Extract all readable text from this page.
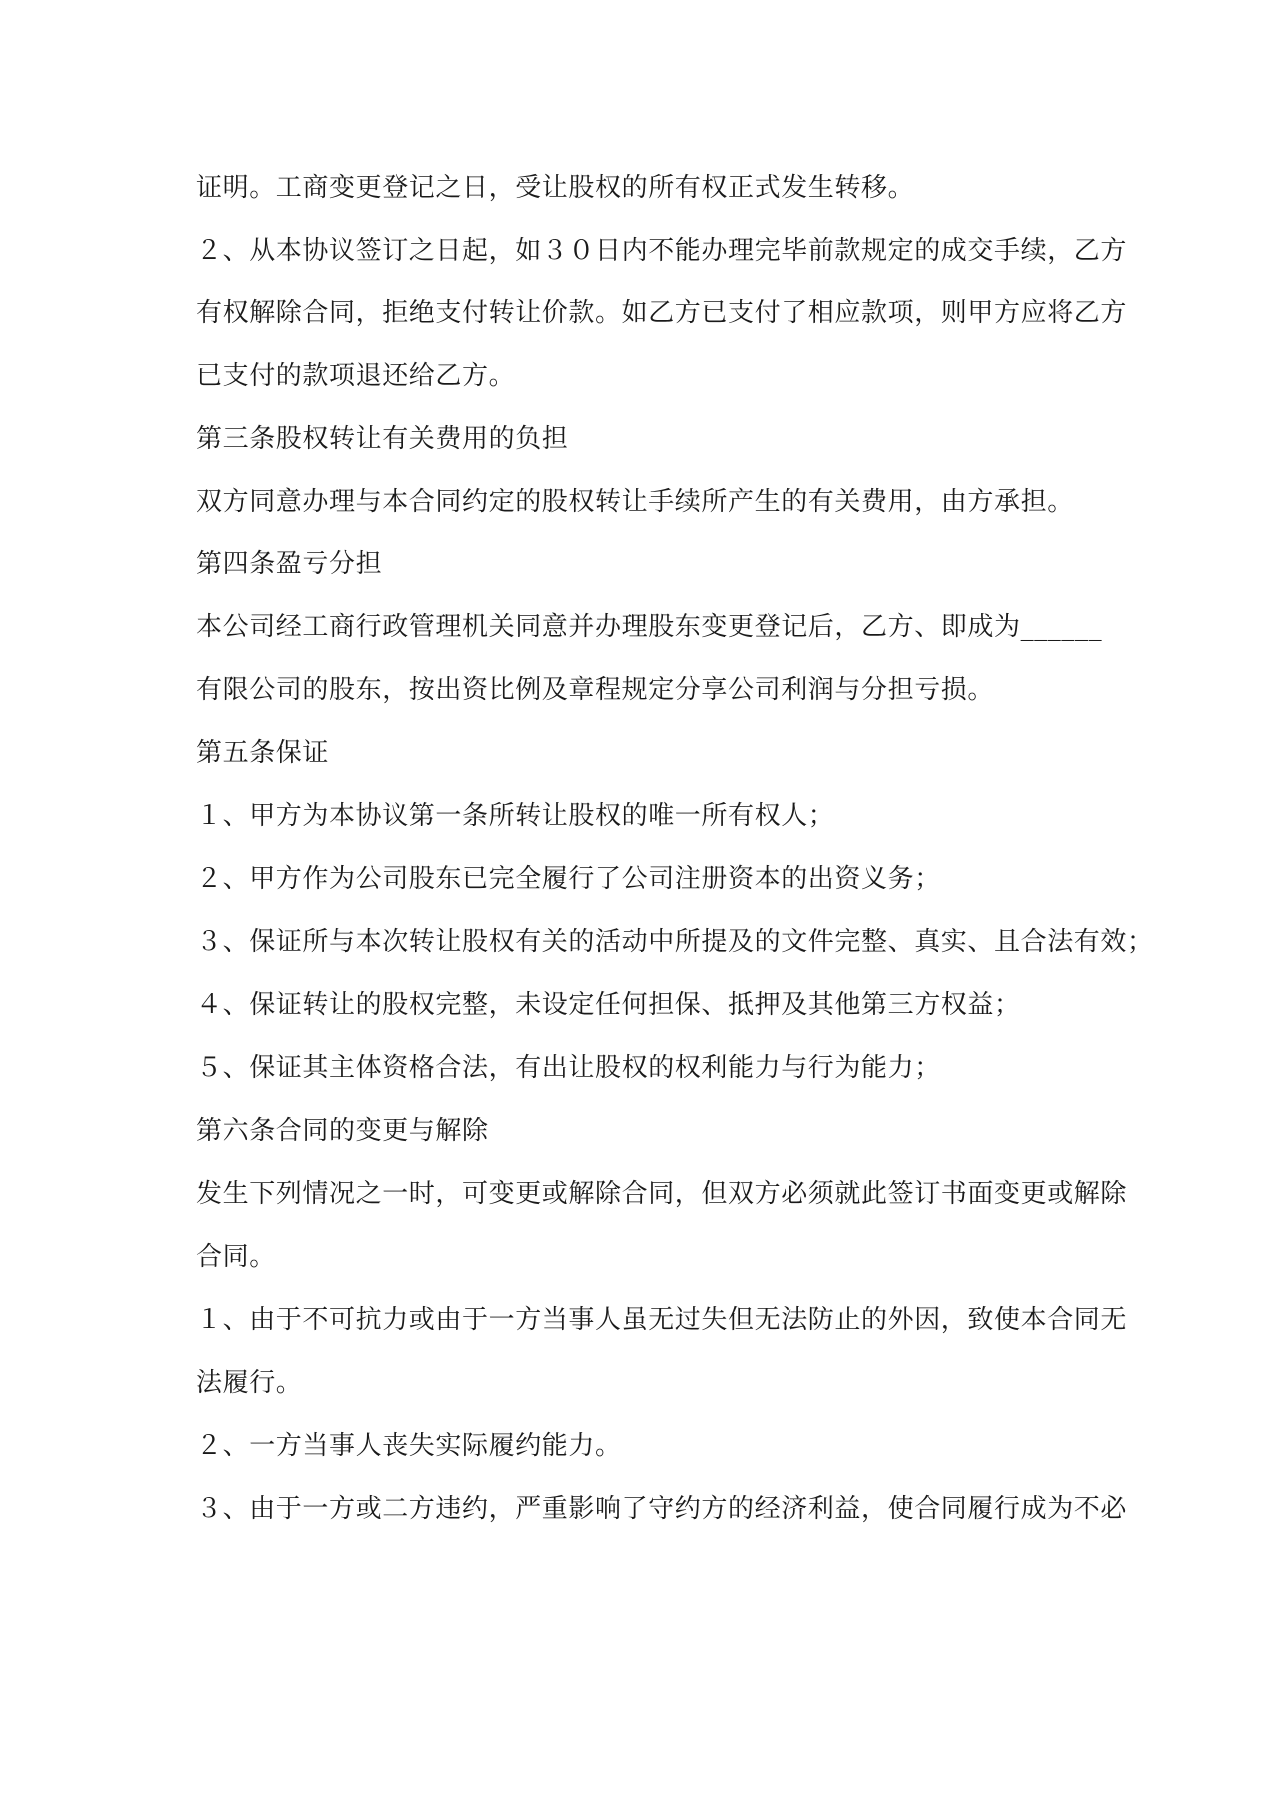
证明。工商变更登记之日，受让股权的所有权正式发生转移。
２、从本协议签订之日起，如３０日内不能办理完毕前款规定的成交手续，乙方
有权解除合同，拒绝支付转让价款。如乙方已支付了相应款项，则甲方应将乙方
已支付的款项退还给乙方。
第三条股权转让有关费用的负担
双方同意办理与本合同约定的股权转让手续所产生的有关费用，由方承担。
第四条盈亏分担
本公司经工商行政管理机关同意并办理股东变更登记后，乙方、即成为______
有限公司的股东，按出资比例及章程规定分享公司利润与分担亏损。
第五条保证
１、甲方为本协议第一条所转让股权的唯一所有权人；
２、甲方作为公司股东已完全履行了公司注册资本的出资义务；
３、保证所与本次转让股权有关的活动中所提及的文件完整、真实、且合法有效；
４、保证转让的股权完整，未设定任何担保、抵押及其他第三方权益；
５、保证其主体资格合法，有出让股权的权利能力与行为能力；
第六条合同的变更与解除
发生下列情况之一时，可变更或解除合同，但双方必须就此签订书面变更或解除
合同。
１、由于不可抗力或由于一方当事人虽无过失但无法防止的外因，致使本合同无
法履行。
２、一方当事人丧失实际履约能力。
３、由于一方或二方违约，严重影响了守约方的经济利益，使合同履行成为不必
